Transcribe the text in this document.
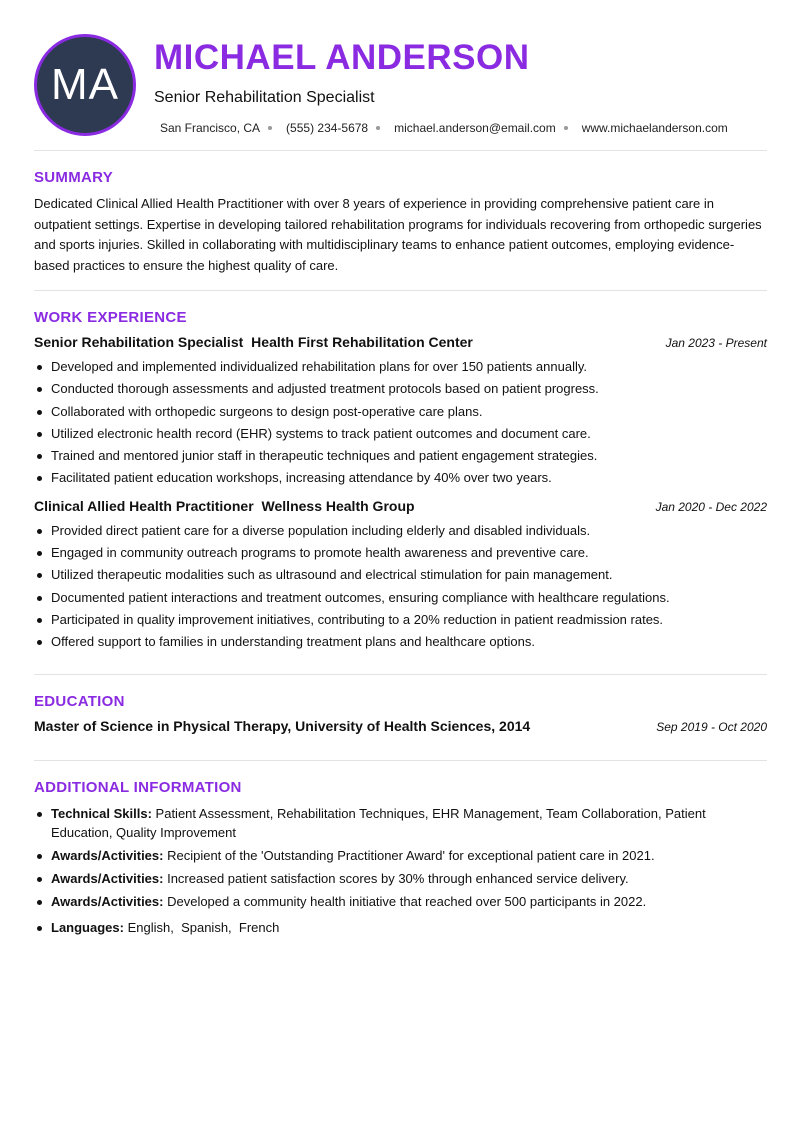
MA
MICHAEL ANDERSON
Senior Rehabilitation Specialist
San Francisco, CA (555) 234-5678 michael.anderson@email.com www.michaelanderson.com
SUMMARY

Dedicated Clinical Allied Health Practitioner with over 8 years of experience in providing comprehensive patient care in outpatient settings. Expertise in developing tailored rehabilitation programs for individuals recovering from orthopedic surgeries and sports injuries. Skilled in collaborating with multidisciplinary teams to enhance patient outcomes, employing evidence-based practices to ensure the highest quality of care.

WORK EXPERIENCE
Senior Rehabilitation Specialist Health First Rehabilitation Center	Jan 2023 - Present
Developed and implemented individualized rehabilitation plans for over 150 patients annually.
Conducted thorough assessments and adjusted treatment protocols based on patient progress.
Collaborated with orthopedic surgeons to design post-operative care plans.
Utilized electronic health record (EHR) systems to track patient outcomes and document care.
Trained and mentored junior staff in therapeutic techniques and patient engagement strategies.
Facilitated patient education workshops, increasing attendance by 40% over two years.
Clinical Allied Health Practitioner Wellness Health Group	Jan 2020 - Dec 2022
Provided direct patient care for a diverse population including elderly and disabled individuals.
Engaged in community outreach programs to promote health awareness and preventive care.
Utilized therapeutic modalities such as ultrasound and electrical stimulation for pain management.
Documented patient interactions and treatment outcomes, ensuring compliance with healthcare regulations.
Participated in quality improvement initiatives, contributing to a 20% reduction in patient readmission rates.
Offered support to families in understanding treatment plans and healthcare options.
EDUCATION
Master of Science in Physical Therapy, University of Health Sciences, 2014	Sep 2019 - Oct 2020
ADDITIONAL INFORMATION
Technical Skills: Patient Assessment, Rehabilitation Techniques, EHR Management, Team Collaboration, Patient Education, Quality Improvement
Awards/Activities: Recipient of the 'Outstanding Practitioner Award' for exceptional patient care in 2021.
Awards/Activities: Increased patient satisfaction scores by 30% through enhanced service delivery.
Awards/Activities: Developed a community health initiative that reached over 500 participants in 2022.
Languages: English,  Spanish,  French
